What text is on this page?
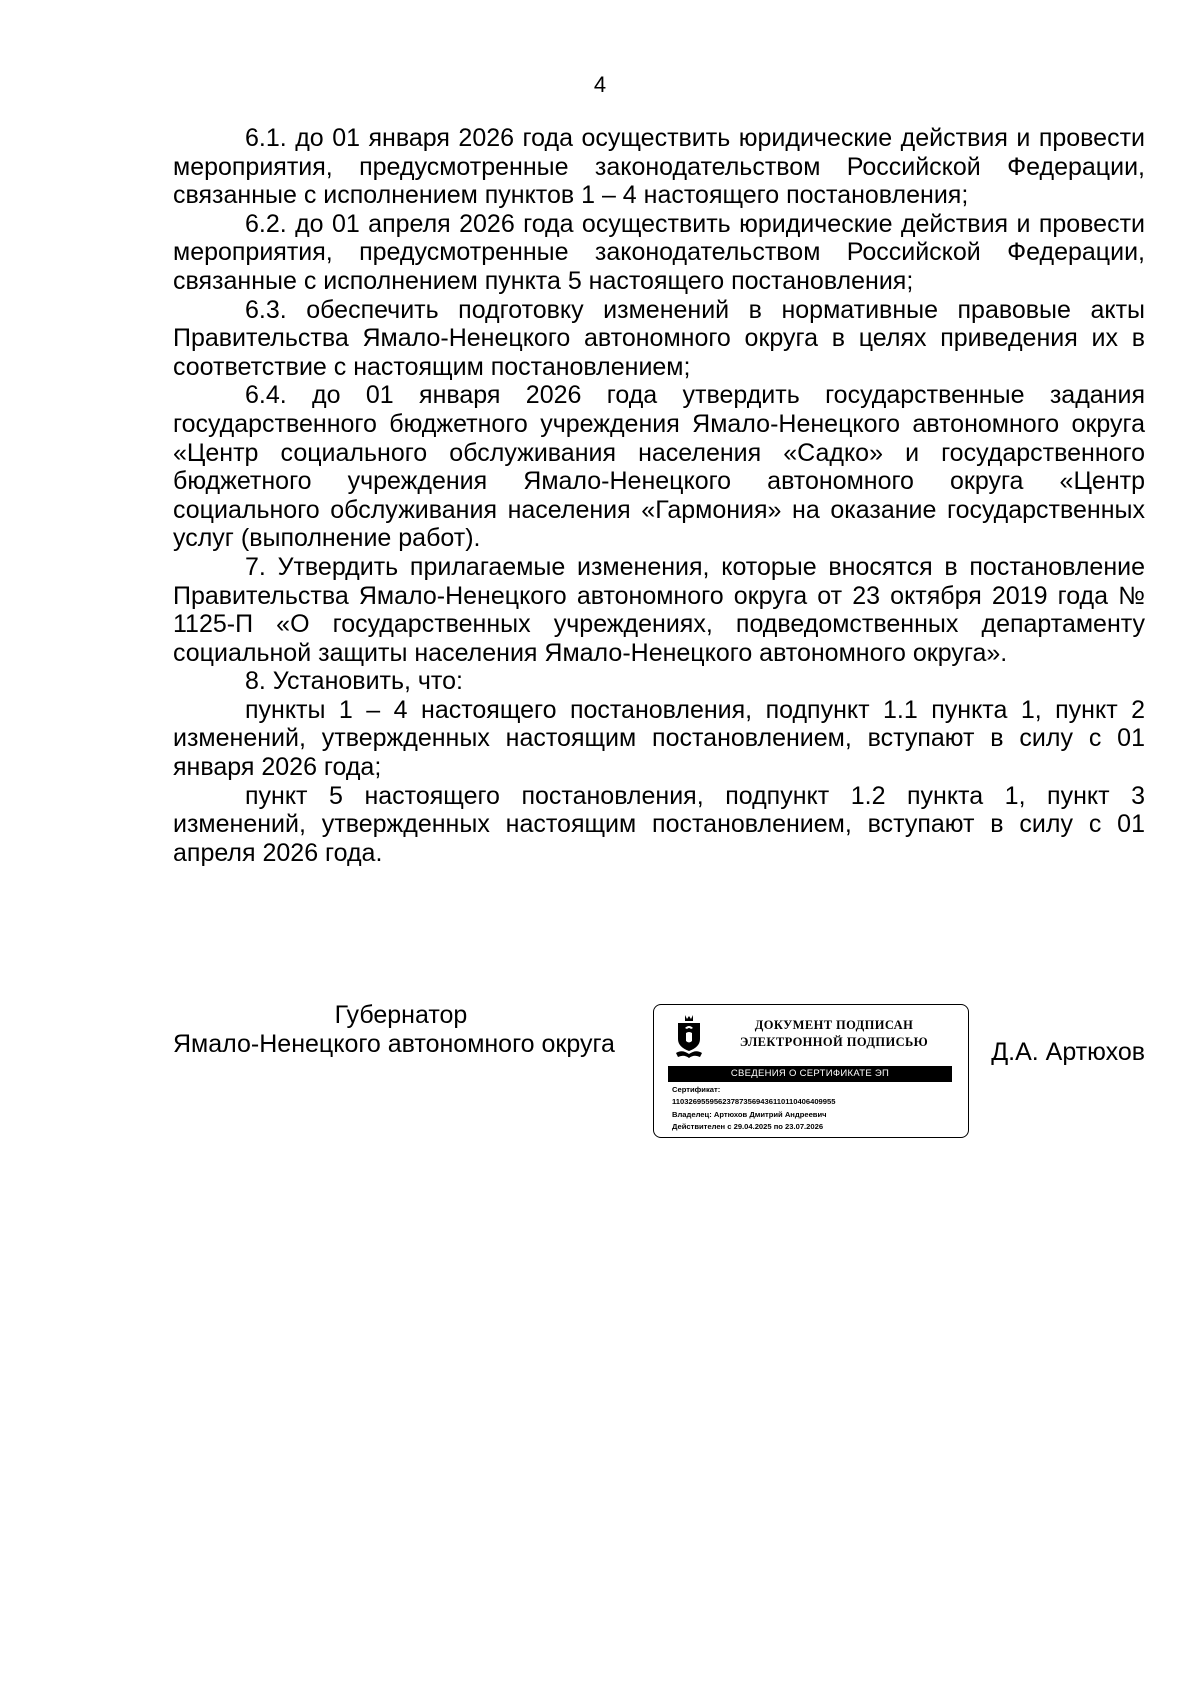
4

6.1. до 01 января 2026 года осуществить юридические действия и провести мероприятия, предусмотренные законодательством Российской Федерации, связанные с исполнением пунктов 1 – 4 настоящего постановления;

6.2. до 01 апреля 2026 года осуществить юридические действия и провести мероприятия, предусмотренные законодательством Российской Федерации, связанные с исполнением пункта 5 настоящего постановления;

6.3. обеспечить подготовку изменений в нормативные правовые акты Правительства Ямало-Ненецкого автономного округа в целях приведения их в соответствие с настоящим постановлением;

6.4. до 01 января 2026 года утвердить государственные задания государственного бюджетного учреждения Ямало-Ненецкого автономного округа «Центр социального обслуживания населения «Садко» и государственного бюджетного учреждения Ямало-Ненецкого автономного округа «Центр социального обслуживания населения «Гармония» на оказание государственных услуг (выполнение работ).

7. Утвердить прилагаемые изменения, которые вносятся в постановление Правительства Ямало-Ненецкого автономного округа от 23 октября 2019 года № 1125-П «О государственных учреждениях, подведомственных департаменту социальной защиты населения Ямало-Ненецкого автономного округа».

8. Установить, что:

пункты 1 – 4 настоящего постановления, подпункт 1.1 пункта 1, пункт 2 изменений, утвержденных настоящим постановлением, вступают в силу с 01 января 2026 года;

пункт 5 настоящего постановления, подпункт 1.2 пункта 1, пункт 3 изменений, утвержденных настоящим постановлением, вступают в силу с 01 апреля 2026 года.

Губернатор
Ямало-Ненецкого автономного округа
ДОКУМЕНТ ПОДПИСАН
ЭЛЕКТРОННОЙ ПОДПИСЬЮ
СВЕДЕНИЯ О СЕРТИФИКАТЕ ЭП
Сертификат:
110326955956237873569436110110406409955
Владелец: Артюхов Дмитрий Андреевич
Действителен с 29.04.2025 по 23.07.2026
Д.А. Артюхов
